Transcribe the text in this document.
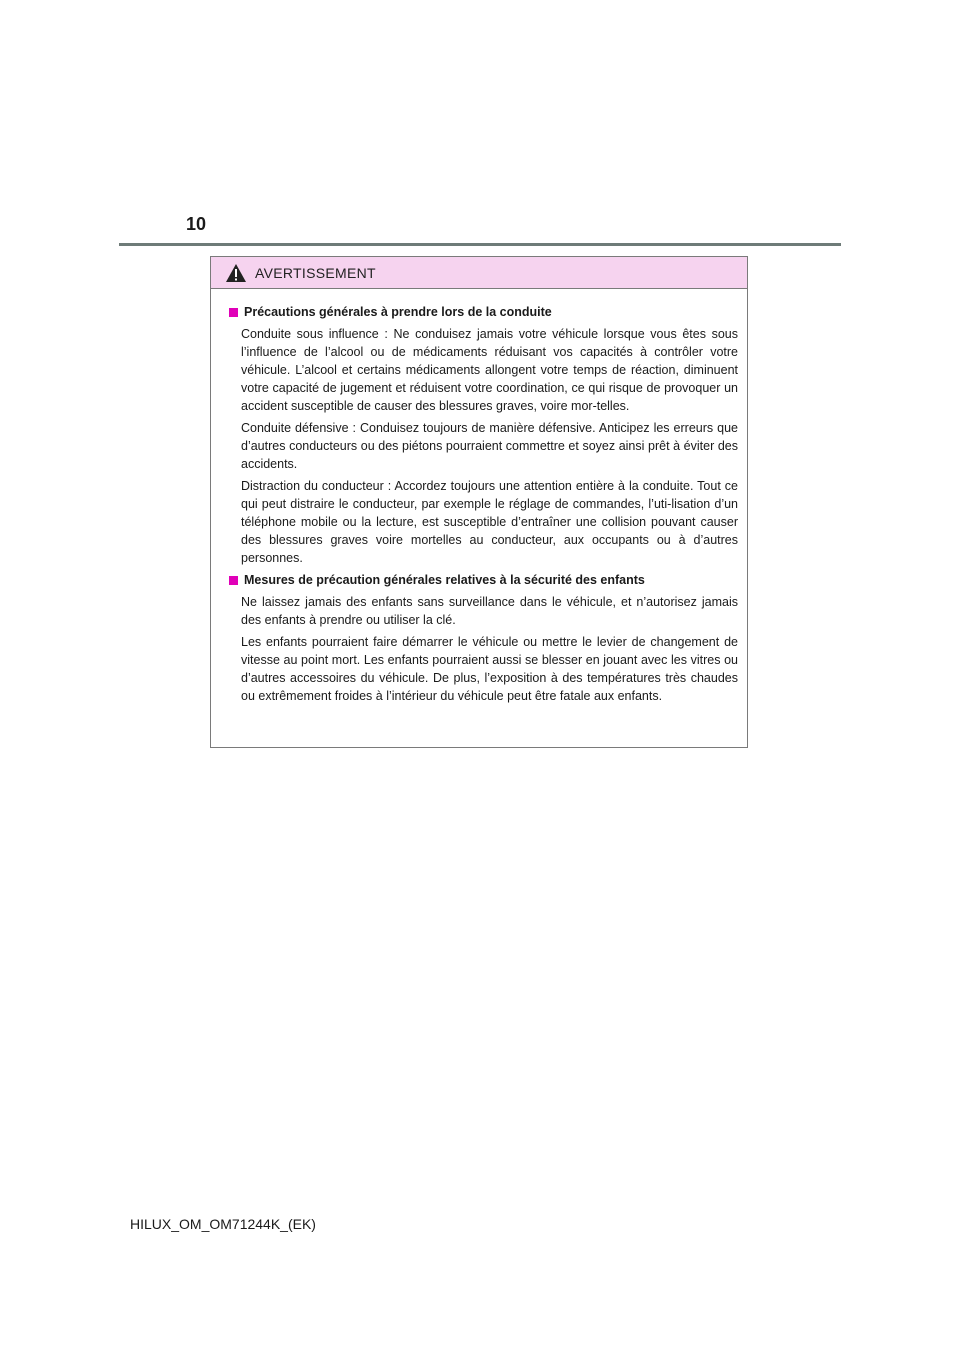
10
AVERTISSEMENT

Précautions générales à prendre lors de la conduite

Conduite sous influence : Ne conduisez jamais votre véhicule lorsque vous êtes sous l’influence de l’alcool ou de médicaments réduisant vos capacités à contrôler votre véhicule. L’alcool et certains médicaments allongent votre temps de réaction, diminuent votre capacité de jugement et réduisent votre coordination, ce qui risque de provoquer un accident susceptible de causer des blessures graves, voire mor-telles.

Conduite défensive : Conduisez toujours de manière défensive. Anticipez les erreurs que d’autres conducteurs ou des piétons pourraient commettre et soyez ainsi prêt à éviter des accidents.

Distraction du conducteur : Accordez toujours une attention entière à la conduite. Tout ce qui peut distraire le conducteur, par exemple le réglage de commandes, l’uti-lisation d’un téléphone mobile ou la lecture, est susceptible d’entraîner une collision pouvant causer des blessures graves voire mortelles au conducteur, aux occupants ou à d’autres personnes.

Mesures de précaution générales relatives à la sécurité des enfants

Ne laissez jamais des enfants sans surveillance dans le véhicule, et n’autorisez jamais des enfants à prendre ou utiliser la clé.

Les enfants pourraient faire démarrer le véhicule ou mettre le levier de changement de vitesse au point mort. Les enfants pourraient aussi se blesser en jouant avec les vitres ou d’autres accessoires du véhicule. De plus, l’exposition à des températures très chaudes ou extrêmement froides à l’intérieur du véhicule peut être fatale aux enfants.

HILUX_OM_OM71244K_(EK)
